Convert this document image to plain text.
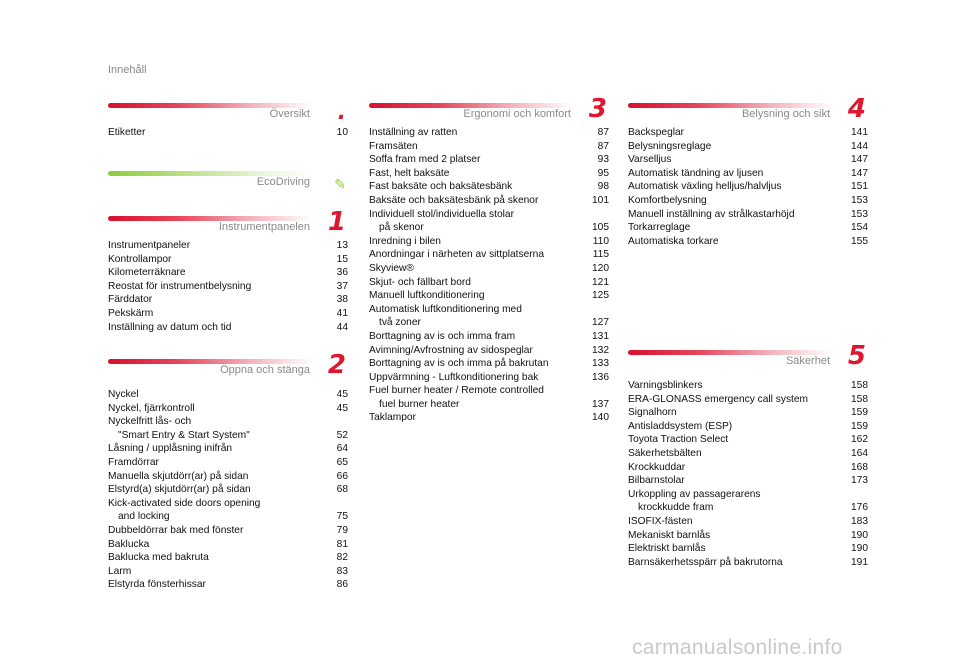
Innehåll
Översikt .
Etiketter	10
EcoDriving ✎
Instrumentpanelen 1
Instrumentpaneler	13
Kontrollampor	15
Kilometerräknare	36
Reostat för instrumentbelysning	37
Färddator	38
Pekskärm	41
Inställning av datum och tid	44
Öppna och stänga 2
Nyckel	45
Nyckel, fjärrkontroll	45
Nyckelfritt lås- och
"Smart Entry & Start System"	52
Låsning / upplåsning inifrån	64
Framdörrar	65
Manuella skjutdörr(ar) på sidan	66
Elstyrd(a) skjutdörr(ar) på sidan	68
Kick-activated side doors opening
and locking	75
Dubbeldörrar bak med fönster	79
Baklucka	81
Baklucka med bakruta	82
Larm	83
Elstyrda fönsterhissar	86
Ergonomi och komfort 3
Inställning av ratten	87
Framsäten	87
Soffa fram med 2 platser	93
Fast, helt baksäte	95
Fast baksäte och baksätesbänk	98
Baksäte och baksätesbänk på skenor	101
Individuell stol/individuella stolar
på skenor	105
Inredning i bilen	110
Anordningar i närheten av sittplatserna	115
Skyview®	120
Skjut- och fällbart bord	121
Manuell luftkonditionering	125
Automatisk luftkonditionering med
två zoner	127
Borttagning av is och imma fram	131
Avimning/Avfrostning av sidospeglar	132
Borttagning av is och imma på bakrutan	133
Uppvärmning - Luftkonditionering bak	136
Fuel burner heater / Remote controlled
fuel burner heater	137
Taklampor	140
Belysning och sikt 4
Backspeglar	141
Belysningsreglage	144
Varselljus	147
Automatisk tändning av ljusen	147
Automatisk växling helljus/halvljus	151
Komfortbelysning	153
Manuell inställning av strålkastarhöjd	153
Torkarreglage	154
Automatiska torkare	155
Säkerhet 5
Varningsblinkers	158
ERA-GLONASS emergency call system	158
Signalhorn	159
Antisladdsystem (ESP)	159
Toyota Traction Select	162
Säkerhetsbälten	164
Krockkuddar	168
Bilbarnstolar	173
Urkoppling av passagerarens
krockkudde fram	176
ISOFIX-fästen	183
Mekaniskt barnlås	190
Elektriskt barnlås	190
Barnsäkerhetsspärr på bakrutorna	191
carmanualsonline.info
